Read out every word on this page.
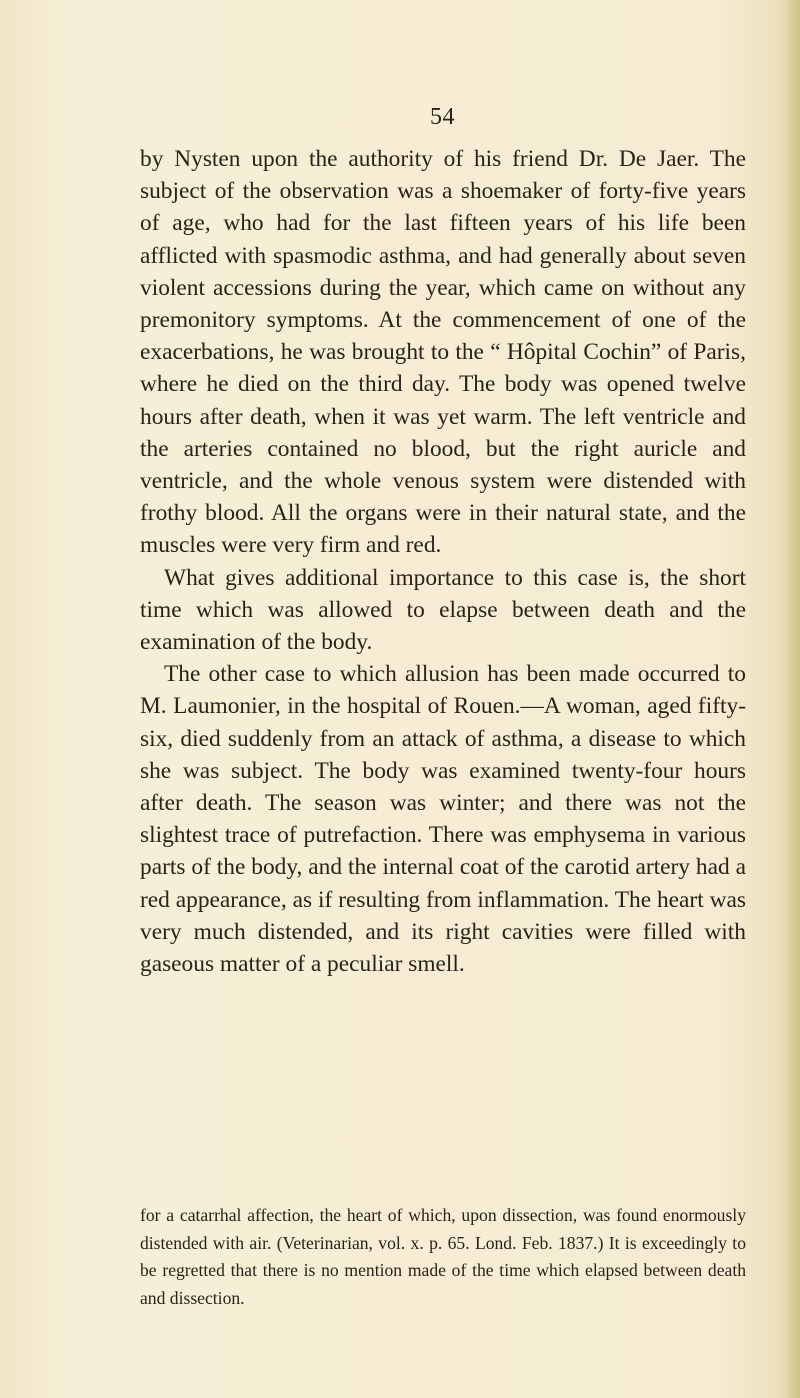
54

by Nysten upon the authority of his friend Dr. De Jaer. The subject of the observation was a shoemaker of forty-five years of age, who had for the last fifteen years of his life been afflicted with spasmodic asthma, and had generally about seven violent accessions during the year, which came on without any premonitory symptoms. At the commencement of one of the exacerbations, he was brought to the “ Hôpital Cochin” of Paris, where he died on the third day. The body was opened twelve hours after death, when it was yet warm. The left ventricle and the arteries contained no blood, but the right auricle and ventricle, and the whole venous system were distended with frothy blood. All the organs were in their natural state, and the muscles were very firm and red.

What gives additional importance to this case is, the short time which was allowed to elapse between death and the examination of the body.

The other case to which allusion has been made occurred to M. Laumonier, in the hospital of Rouen.—A woman, aged fifty-six, died suddenly from an attack of asthma, a disease to which she was subject. The body was examined twenty-four hours after death. The season was winter; and there was not the slightest trace of putrefaction. There was emphysema in various parts of the body, and the internal coat of the carotid artery had a red appearance, as if resulting from inflammation. The heart was very much distended, and its right cavities were filled with gaseous matter of a peculiar smell.

for a catarrhal affection, the heart of which, upon dissection, was found enormously distended with air. (Veterinarian, vol. x. p. 65. Lond. Feb. 1837.) It is exceedingly to be regretted that there is no mention made of the time which elapsed between death and dissection.
